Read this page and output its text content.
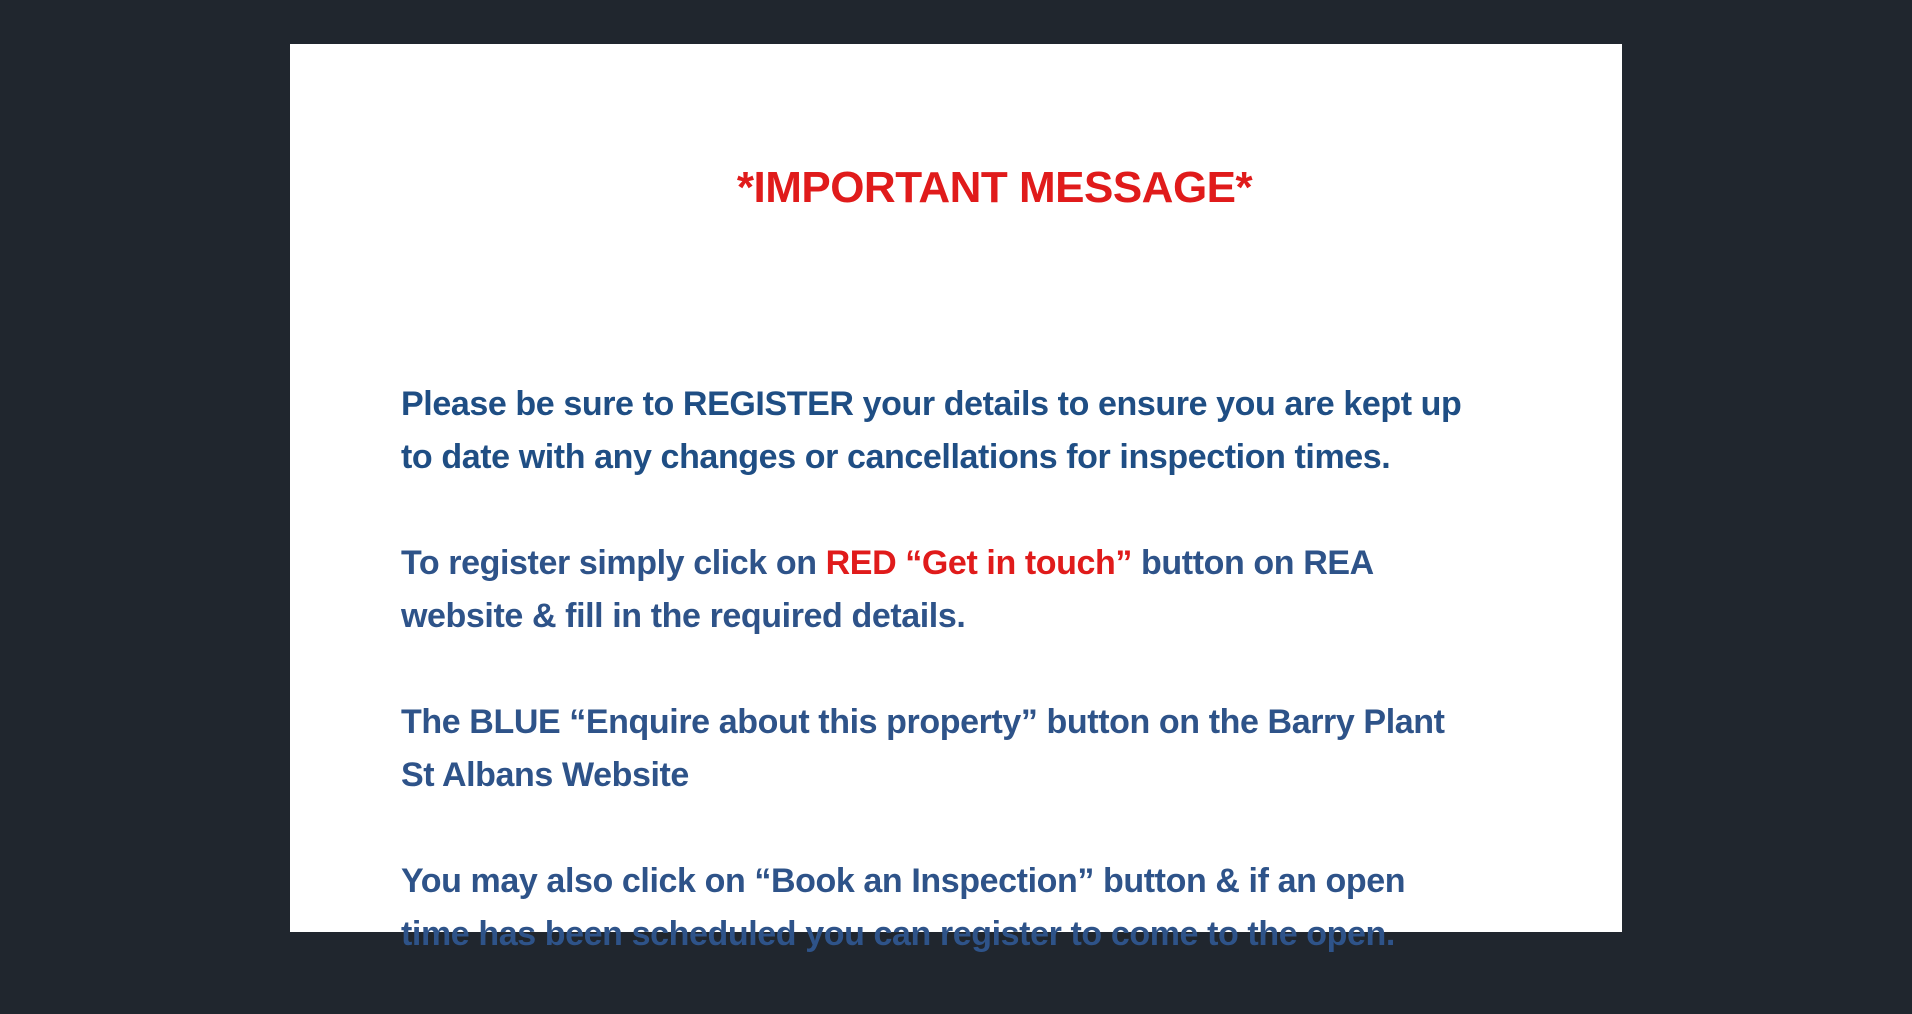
*IMPORTANT MESSAGE*
Please be sure to REGISTER your details to ensure you are kept up
to date with any changes or cancellations for inspection times.
To register simply click on RED “Get in touch” button on REA
website & fill in the required details.
The BLUE “Enquire about this property” button on the Barry Plant
St Albans Website
You may also click on “Book an Inspection” button & if an open
time has been scheduled you can register to come to the open.
